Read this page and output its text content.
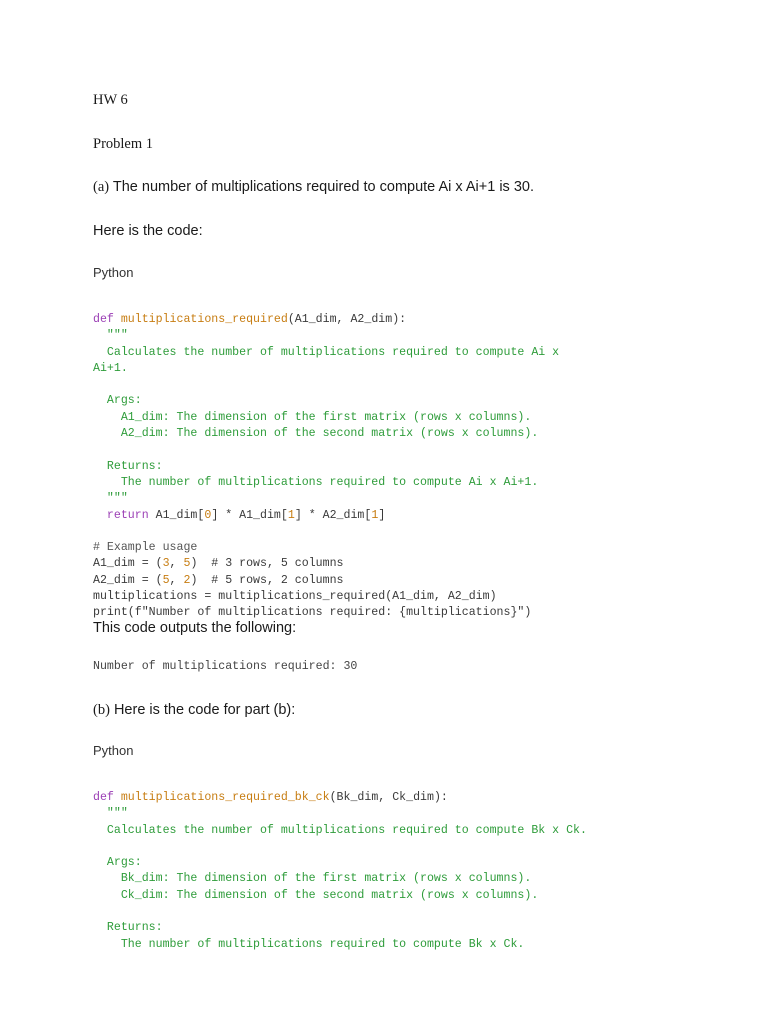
HW 6
Problem 1
(a) The number of multiplications required to compute Ai x Ai+1 is 30.
Here is the code:
Python

def multiplications_required(A1_dim, A2_dim):
"""
Calculates the number of multiplications required to compute Ai x
Ai+1.
Args:
A1_dim: The dimension of the first matrix (rows x columns).
A2_dim: The dimension of the second matrix (rows x columns).
Returns:
The number of multiplications required to compute Ai x Ai+1.
"""
return A1_dim[0] * A1_dim[1] * A2_dim[1]
# Example usage
A1_dim = (3, 5)  # 3 rows, 5 columns
A2_dim = (5, 2)  # 5 rows, 2 columns
multiplications = multiplications_required(A1_dim, A2_dim)
print(f"Number of multiplications required: {multiplications}")

This code outputs the following:
Number of multiplications required: 30
(b) Here is the code for part (b):
Python

def multiplications_required_bk_ck(Bk_dim, Ck_dim):
"""
Calculates the number of multiplications required to compute Bk x Ck.
Args:
Bk_dim: The dimension of the first matrix (rows x columns).
Ck_dim: The dimension of the second matrix (rows x columns).
Returns:
The number of multiplications required to compute Bk x Ck.
